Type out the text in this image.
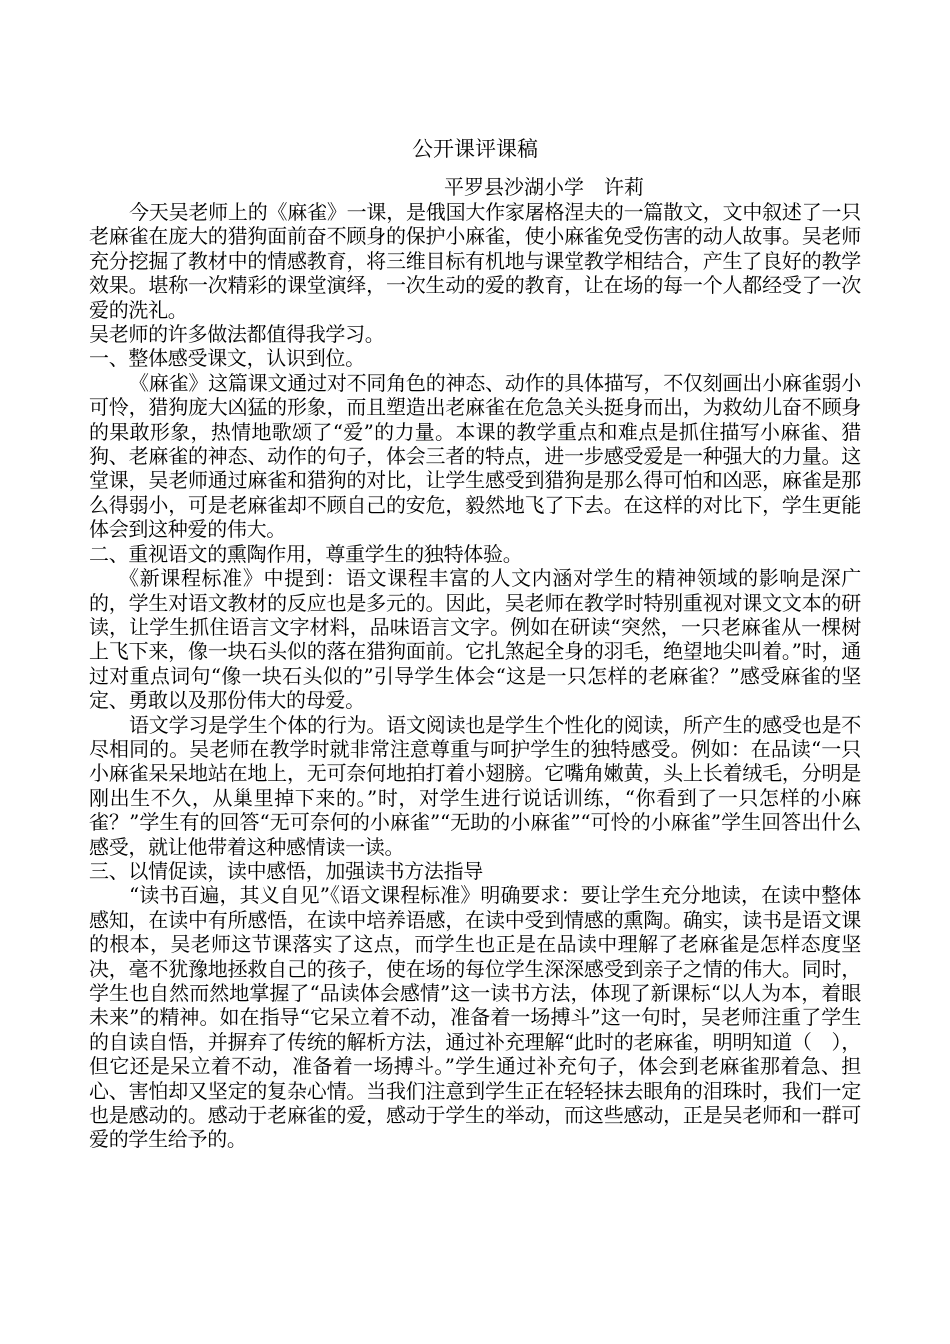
公开课评课稿
平罗县沙湖小学　许莉

今天吴老师上的《麻雀》一课，是俄国大作家屠格涅夫的一篇散文，文中叙述了一只老麻雀在庞大的猎狗面前奋不顾身的保护小麻雀，使小麻雀免受伤害的动人故事。吴老师充分挖掘了教材中的情感教育，将三维目标有机地与课堂教学相结合，产生了良好的教学效果。堪称一次精彩的课堂演绎，一次生动的爱的教育，让在场的每一个人都经受了一次爱的洗礼。

吴老师的许多做法都值得我学习。

一、整体感受课文，认识到位。

《麻雀》这篇课文通过对不同角色的神态、动作的具体描写，不仅刻画出小麻雀弱小可怜，猎狗庞大凶猛的形象，而且塑造出老麻雀在危急关头挺身而出，为救幼儿奋不顾身的果敢形象，热情地歌颂了“爱”的力量。本课的教学重点和难点是抓住描写小麻雀、猎狗、老麻雀的神态、动作的句子，体会三者的特点，进一步感受爱是一种强大的力量。这堂课，吴老师通过麻雀和猎狗的对比，让学生感受到猎狗是那么得可怕和凶恶，麻雀是那么得弱小，可是老麻雀却不顾自己的安危，毅然地飞了下去。在这样的对比下，学生更能体会到这种爱的伟大。

二、重视语文的熏陶作用，尊重学生的独特体验。

《新课程标准》中提到：语文课程丰富的人文内涵对学生的精神领域的影响是深广的，学生对语文教材的反应也是多元的。因此，吴老师在教学时特别重视对课文文本的研读，让学生抓住语言文字材料，品味语言文字。例如在研读“突然，一只老麻雀从一棵树上飞下来，像一块石头似的落在猎狗面前。它扎煞起全身的羽毛，绝望地尖叫着。”时，通过对重点词句“像一块石头似的”引导学生体会“这是一只怎样的老麻雀？”感受麻雀的坚定、勇敢以及那份伟大的母爱。

语文学习是学生个体的行为。语文阅读也是学生个性化的阅读，所产生的感受也是不尽相同的。吴老师在教学时就非常注意尊重与呵护学生的独特感受。例如：在品读“一只小麻雀呆呆地站在地上，无可奈何地拍打着小翅膀。它嘴角嫩黄，头上长着绒毛，分明是刚出生不久，从巢里掉下来的。”时，对学生进行说话训练，“你看到了一只怎样的小麻雀？”学生有的回答“无可奈何的小麻雀”“无助的小麻雀”“可怜的小麻雀”学生回答出什么感受，就让他带着这种感情读一读。

三、以情促读，读中感悟，加强读书方法指导

“读书百遍，其义自见”《语文课程标准》明确要求：要让学生充分地读，在读中整体感知，在读中有所感悟，在读中培养语感，在读中受到情感的熏陶。确实，读书是语文课的根本，吴老师这节课落实了这点，而学生也正是在品读中理解了老麻雀是怎样态度坚决，毫不犹豫地拯救自己的孩子，使在场的每位学生深深感受到亲子之情的伟大。同时，学生也自然而然地掌握了“品读体会感情”这一读书方法，体现了新课标“以人为本，着眼未来”的精神。如在指导“它呆立着不动，准备着一场搏斗”这一句时，吴老师注重了学生的自读自悟，并摒弃了传统的解析方法，通过补充理解“此时的老麻雀，明明知道（　），但它还是呆立着不动，准备着一场搏斗。”学生通过补充句子，体会到老麻雀那着急、担心、害怕却又坚定的复杂心情。当我们注意到学生正在轻轻抹去眼角的泪珠时，我们一定也是感动的。感动于老麻雀的爱，感动于学生的举动，而这些感动，正是吴老师和一群可爱的学生给予的。
